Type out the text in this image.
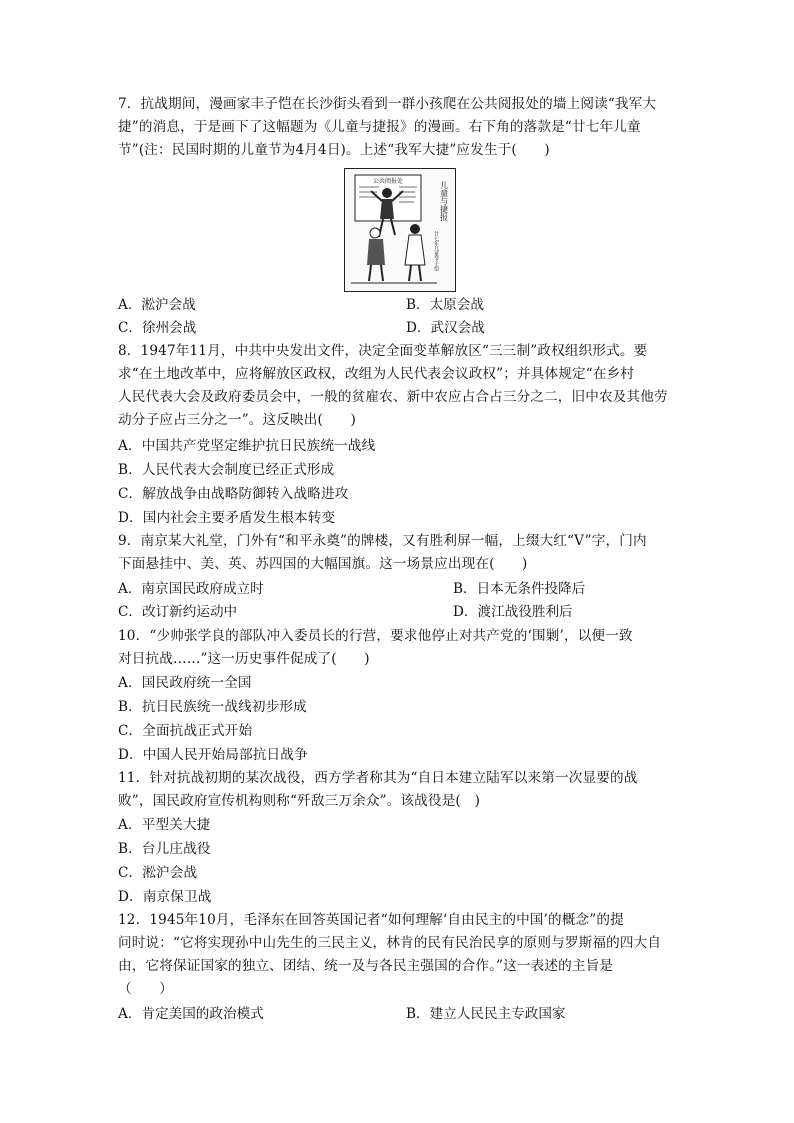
7．抗战期间，漫画家丰子恺在长沙街头看到一群小孩爬在公共阅报处的墙上阅读“我军大
捷”的消息，于是画下了这幅题为《儿童与捷报》的漫画。右下角的落款是“廿七年儿童
节”(注：民国时期的儿童节为4月4日)。上述“我军大捷”应发生于(　　)
公共阅报处	儿童与捷报
廿七年儿童节子恺
A．淞沪会战	B．太原会战
C．徐州会战	D．武汉会战
8．1947年11月，中共中央发出文件，决定全面变革解放区“三三制”政权组织形式。要
求“在土地改革中，应将解放区政权，改组为人民代表会议政权”；并具体规定“在乡村
人民代表大会及政府委员会中，一般的贫雇农、新中农应占合占三分之二，旧中农及其他劳
动分子应占三分之一”。这反映出(　　)
A．中国共产党坚定维护抗日民族统一战线
B．人民代表大会制度已经正式形成
C．解放战争由战略防御转入战略进攻
D．国内社会主要矛盾发生根本转变
9．南京某大礼堂，门外有“和平永奠”的牌楼，又有胜利屏一幅，上缀大红“V”字，门内
下面悬挂中、美、英、苏四国的大幅国旗。这一场景应出现在(　　)
A．南京国民政府成立时	B．日本无条件投降后
C．改订新约运动中	D．渡江战役胜利后
10．“少帅张学良的部队冲入委员长的行营，要求他停止对共产党的‘围剿’，以便一致
对日抗战……”这一历史事件促成了(　　)
A．国民政府统一全国
B．抗日民族统一战线初步形成
C．全面抗战正式开始
D．中国人民开始局部抗日战争
11．针对抗战初期的某次战役，西方学者称其为“自日本建立陆军以来第一次显要的战
败”，国民政府宣传机构则称“歼敌三万余众”。该战役是(　)
A．平型关大捷
B．台儿庄战役
C．淞沪会战
D．南京保卫战
12．1945年10月，毛泽东在回答英国记者“如何理解‘自由民主的中国’的概念”的提
问时说：“它将实现孙中山先生的三民主义，林肯的民有民治民享的原则与罗斯福的四大自
由，它将保证国家的独立、团结、统一及与各民主强国的合作。”这一表述的主旨是
（　　）
A．肯定美国的政治模式	B．建立人民民主专政国家
